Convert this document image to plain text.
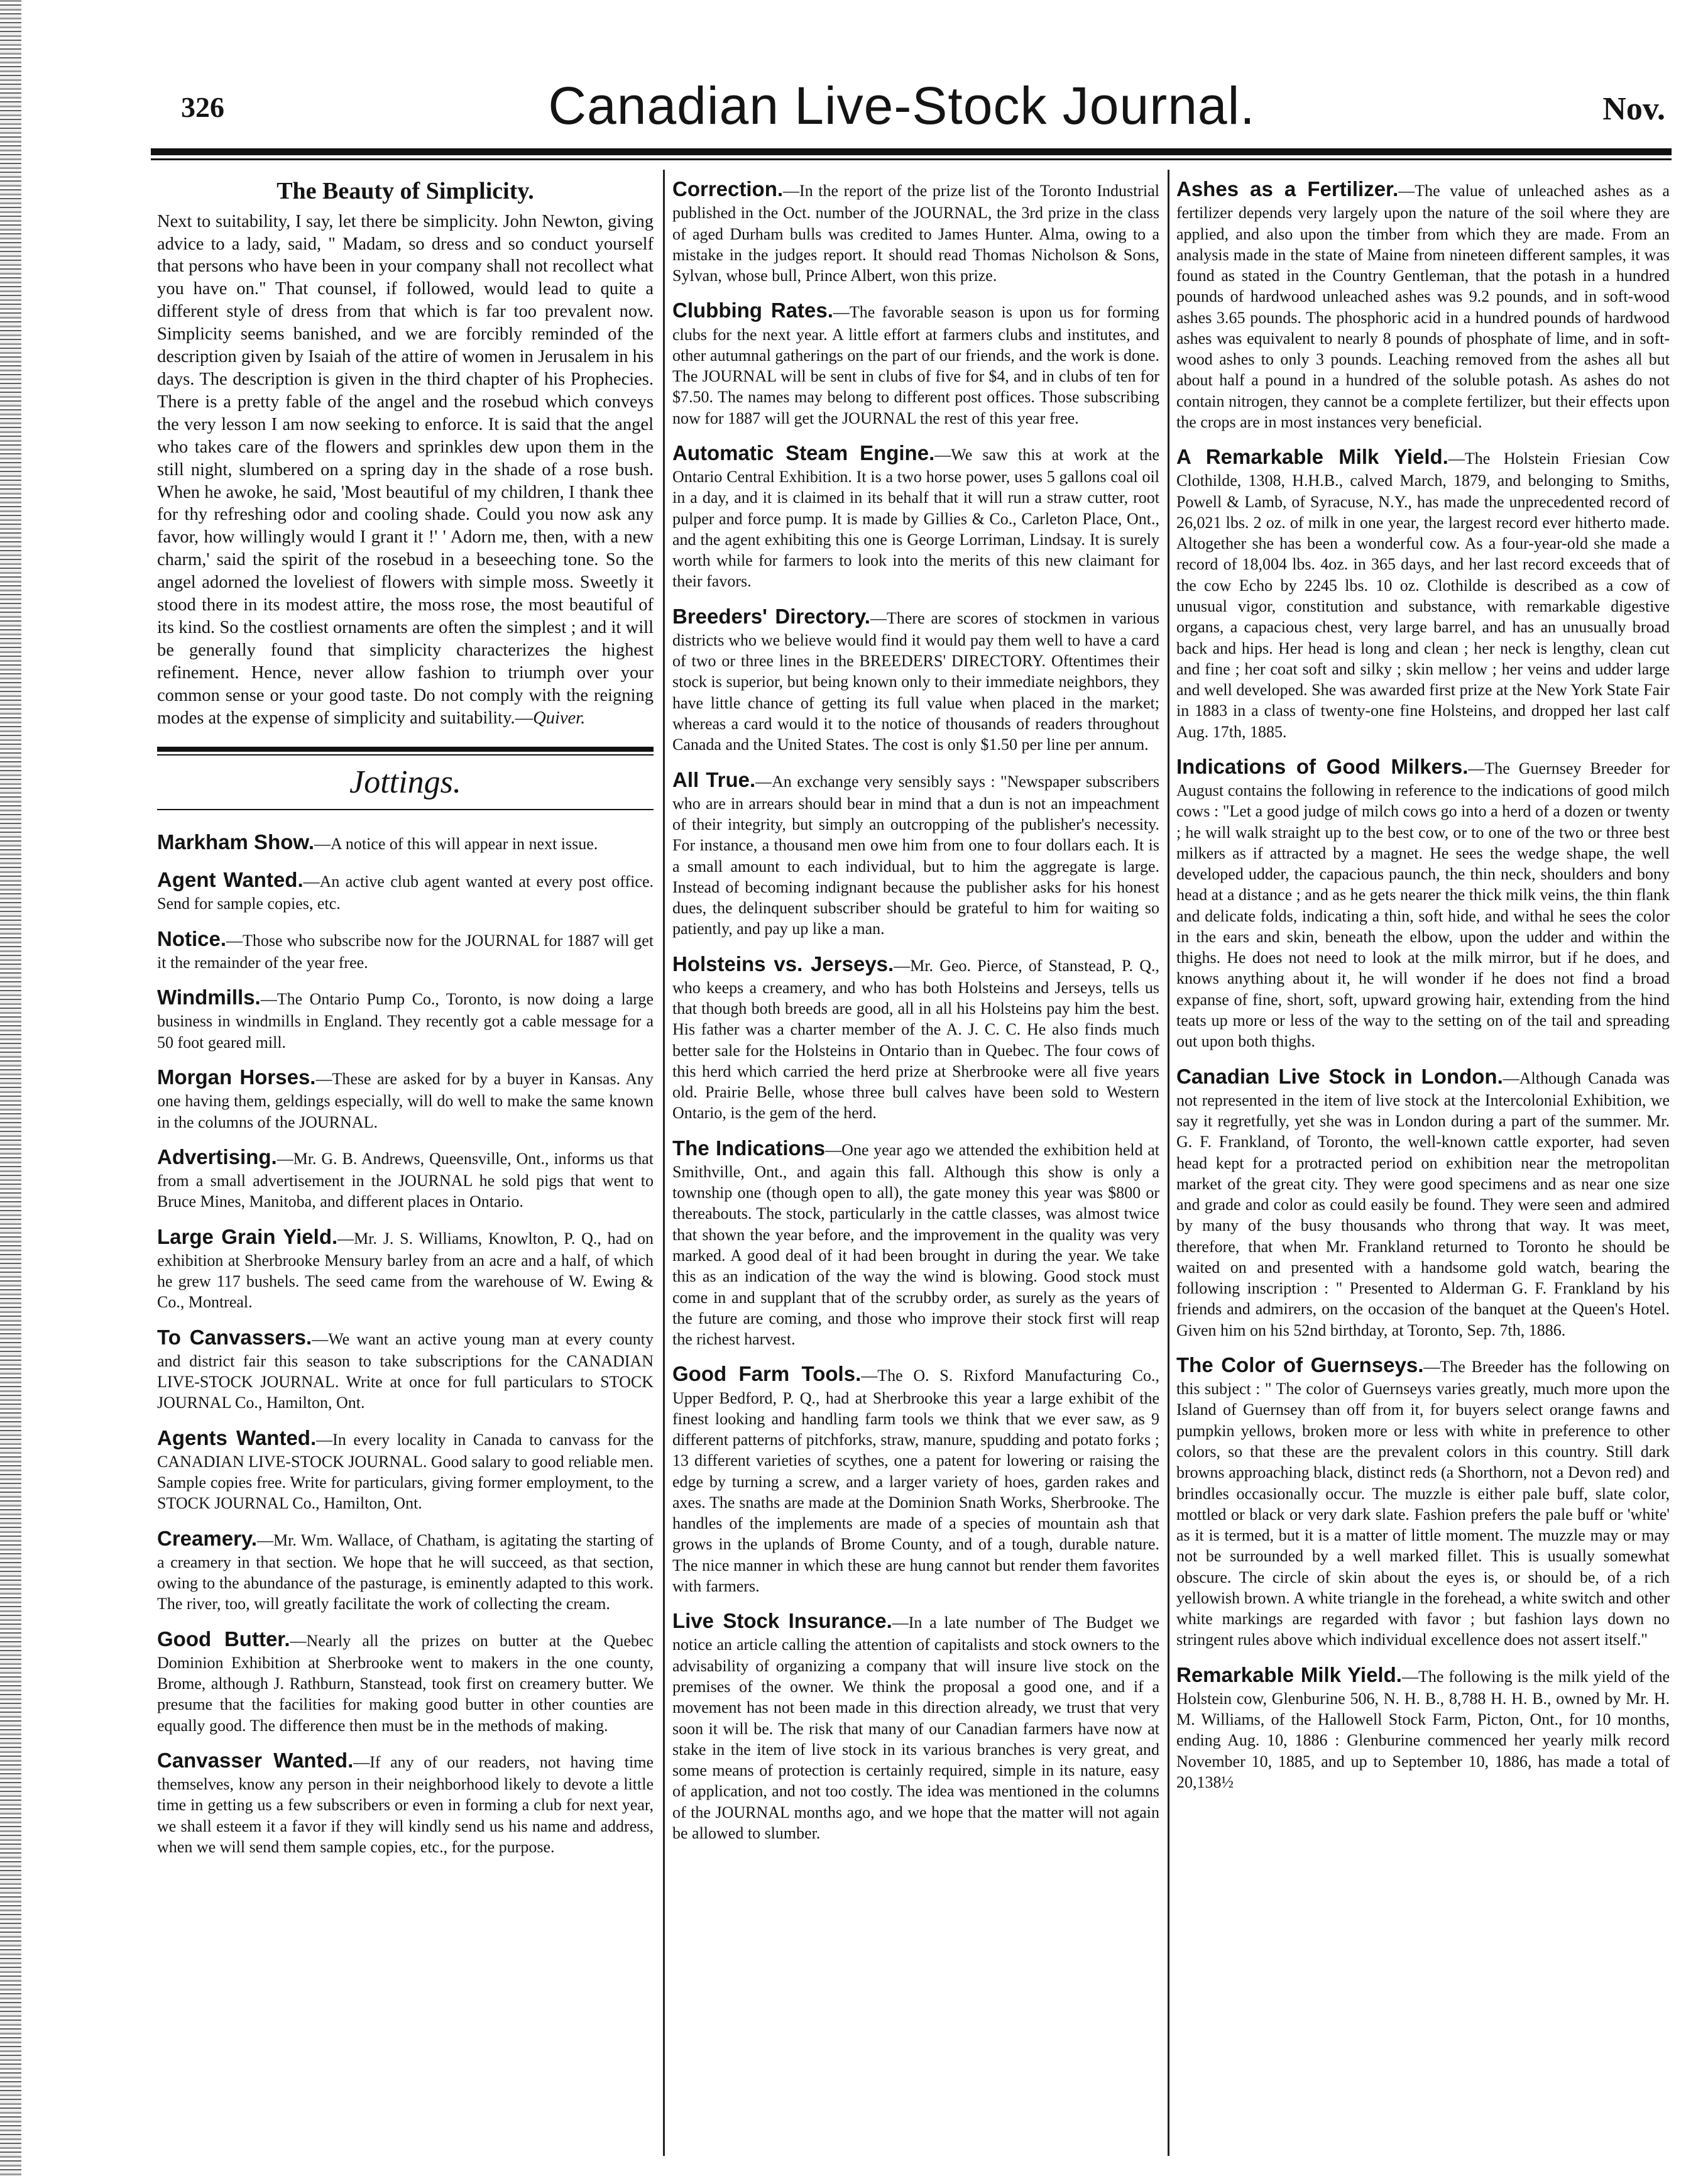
326	Canadian Live-Stock Journal.	Nov.
The Beauty of Simplicity.
Next to suitability, I say, let there be simplicity. John Newton, giving advice to a lady, said, " Madam, so dress and so conduct yourself that persons who have been in your company shall not recollect what you have on." That counsel, if followed, would lead to quite a different style of dress from that which is far too prevalent now. Simplicity seems banished, and we are forcibly reminded of the description given by Isaiah of the attire of women in Jerusalem in his days. The description is given in the third chapter of his Prophecies. There is a pretty fable of the angel and the rosebud which conveys the very lesson I am now seeking to enforce. It is said that the angel who takes care of the flowers and sprinkles dew upon them in the still night, slumbered on a spring day in the shade of a rose bush. When he awoke, he said, 'Most beautiful of my children, I thank thee for thy refreshing odor and cooling shade. Could you now ask any favor, how willingly would I grant it !' ' Adorn me, then, with a new charm,' said the spirit of the rosebud in a beseeching tone. So the angel adorned the loveliest of flowers with simple moss. Sweetly it stood there in its modest attire, the moss rose, the most beautiful of its kind. So the costliest ornaments are often the simplest ; and it will be generally found that simplicity characterizes the highest refinement. Hence, never allow fashion to triumph over your common sense or your good taste. Do not comply with the reigning modes at the expense of simplicity and suitability.—Quiver.
Jottings.

Markham Show.—A notice of this will appear in next issue.

Agent Wanted.—An active club agent wanted at every post office. Send for sample copies, etc.

Notice.—Those who subscribe now for the JOURNAL for 1887 will get it the remainder of the year free.

Windmills.—The Ontario Pump Co., Toronto, is now doing a large business in windmills in England. They recently got a cable message for a 50 foot geared mill.

Morgan Horses.—These are asked for by a buyer in Kansas. Any one having them, geldings especially, will do well to make the same known in the columns of the JOURNAL.

Advertising.—Mr. G. B. Andrews, Queensville, Ont., informs us that from a small advertisement in the JOURNAL he sold pigs that went to Bruce Mines, Manitoba, and different places in Ontario.

Large Grain Yield.—Mr. J. S. Williams, Knowlton, P. Q., had on exhibition at Sherbrooke Mensury barley from an acre and a half, of which he grew 117 bushels. The seed came from the warehouse of W. Ewing & Co., Montreal.

To Canvassers.—We want an active young man at every county and district fair this season to take subscriptions for the CANADIAN LIVE-STOCK JOURNAL. Write at once for full particulars to STOCK JOURNAL Co., Hamilton, Ont.

Agents Wanted.—In every locality in Canada to canvass for the CANADIAN LIVE-STOCK JOURNAL. Good salary to good reliable men. Sample copies free. Write for particulars, giving former employment, to the STOCK JOURNAL Co., Hamilton, Ont.

Creamery.—Mr. Wm. Wallace, of Chatham, is agitating the starting of a creamery in that section. We hope that he will succeed, as that section, owing to the abundance of the pasturage, is eminently adapted to this work. The river, too, will greatly facilitate the work of collecting the cream.

Good Butter.—Nearly all the prizes on butter at the Quebec Dominion Exhibition at Sherbrooke went to makers in the one county, Brome, although J. Rathburn, Stanstead, took first on creamery butter. We presume that the facilities for making good butter in other counties are equally good. The difference then must be in the methods of making.

Canvasser Wanted.—If any of our readers, not having time themselves, know any person in their neighborhood likely to devote a little time in getting us a few subscribers or even in forming a club for next year, we shall esteem it a favor if they will kindly send us his name and address, when we will send them sample copies, etc., for the purpose.

Correction.—In the report of the prize list of the Toronto Industrial published in the Oct. number of the JOURNAL, the 3rd prize in the class of aged Durham bulls was credited to James Hunter. Alma, owing to a mistake in the judges report. It should read Thomas Nicholson & Sons, Sylvan, whose bull, Prince Albert, won this prize.

Clubbing Rates.—The favorable season is upon us for forming clubs for the next year. A little effort at farmers clubs and institutes, and other autumnal gatherings on the part of our friends, and the work is done. The JOURNAL will be sent in clubs of five for $4, and in clubs of ten for $7.50. The names may belong to different post offices. Those subscribing now for 1887 will get the JOURNAL the rest of this year free.

Automatic Steam Engine.—We saw this at work at the Ontario Central Exhibition. It is a two horse power, uses 5 gallons coal oil in a day, and it is claimed in its behalf that it will run a straw cutter, root pulper and force pump. It is made by Gillies & Co., Carleton Place, Ont., and the agent exhibiting this one is George Lorriman, Lindsay. It is surely worth while for farmers to look into the merits of this new claimant for their favors.

Breeders' Directory.—There are scores of stockmen in various districts who we believe would find it would pay them well to have a card of two or three lines in the BREEDERS' DIRECTORY. Oftentimes their stock is superior, but being known only to their immediate neighbors, they have little chance of getting its full value when placed in the market; whereas a card would it to the notice of thousands of readers throughout Canada and the United States. The cost is only $1.50 per line per annum.

All True.—An exchange very sensibly says : "Newspaper subscribers who are in arrears should bear in mind that a dun is not an impeachment of their integrity, but simply an outcropping of the publisher's necessity. For instance, a thousand men owe him from one to four dollars each. It is a small amount to each individual, but to him the aggregate is large. Instead of becoming indignant because the publisher asks for his honest dues, the delinquent subscriber should be grateful to him for waiting so patiently, and pay up like a man.

Holsteins vs. Jerseys.—Mr. Geo. Pierce, of Stanstead, P. Q., who keeps a creamery, and who has both Holsteins and Jerseys, tells us that though both breeds are good, all in all his Holsteins pay him the best. His father was a charter member of the A. J. C. C. He also finds much better sale for the Holsteins in Ontario than in Quebec. The four cows of this herd which carried the herd prize at Sherbrooke were all five years old. Prairie Belle, whose three bull calves have been sold to Western Ontario, is the gem of the herd.

The Indications—One year ago we attended the exhibition held at Smithville, Ont., and again this fall. Although this show is only a township one (though open to all), the gate money this year was $800 or thereabouts. The stock, particularly in the cattle classes, was almost twice that shown the year before, and the improvement in the quality was very marked. A good deal of it had been brought in during the year. We take this as an indication of the way the wind is blowing. Good stock must come in and supplant that of the scrubby order, as surely as the years of the future are coming, and those who improve their stock first will reap the richest harvest.

Good Farm Tools.—The O. S. Rixford Manufacturing Co., Upper Bedford, P. Q., had at Sherbrooke this year a large exhibit of the finest looking and handling farm tools we think that we ever saw, as 9 different patterns of pitchforks, straw, manure, spudding and potato forks ; 13 different varieties of scythes, one a patent for lowering or raising the edge by turning a screw, and a larger variety of hoes, garden rakes and axes. The snaths are made at the Dominion Snath Works, Sherbrooke. The handles of the implements are made of a species of mountain ash that grows in the uplands of Brome County, and of a tough, durable nature. The nice manner in which these are hung cannot but render them favorites with farmers.

Live Stock Insurance.—In a late number of The Budget we notice an article calling the attention of capitalists and stock owners to the advisability of organizing a company that will insure live stock on the premises of the owner. We think the proposal a good one, and if a movement has not been made in this direction already, we trust that very soon it will be. The risk that many of our Canadian farmers have now at stake in the item of live stock in its various branches is very great, and some means of protection is certainly required, simple in its nature, easy of application, and not too costly. The idea was mentioned in the columns of the JOURNAL months ago, and we hope that the matter will not again be allowed to slumber.

Ashes as a Fertilizer.—The value of unleached ashes as a fertilizer depends very largely upon the nature of the soil where they are applied, and also upon the timber from which they are made. From an analysis made in the state of Maine from nineteen different samples, it was found as stated in the Country Gentleman, that the potash in a hundred pounds of hardwood unleached ashes was 9.2 pounds, and in soft-wood ashes 3.65 pounds. The phosphoric acid in a hundred pounds of hardwood ashes was equivalent to nearly 8 pounds of phosphate of lime, and in soft-wood ashes to only 3 pounds. Leaching removed from the ashes all but about half a pound in a hundred of the soluble potash. As ashes do not contain nitrogen, they cannot be a complete fertilizer, but their effects upon the crops are in most instances very beneficial.

A Remarkable Milk Yield.—The Holstein Friesian Cow Clothilde, 1308, H.H.B., calved March, 1879, and belonging to Smiths, Powell & Lamb, of Syracuse, N.Y., has made the unprecedented record of 26,021 lbs. 2 oz. of milk in one year, the largest record ever hitherto made. Altogether she has been a wonderful cow. As a four-year-old she made a record of 18,004 lbs. 4oz. in 365 days, and her last record exceeds that of the cow Echo by 2245 lbs. 10 oz. Clothilde is described as a cow of unusual vigor, constitution and substance, with remarkable digestive organs, a capacious chest, very large barrel, and has an unusually broad back and hips. Her head is long and clean ; her neck is lengthy, clean cut and fine ; her coat soft and silky ; skin mellow ; her veins and udder large and well developed. She was awarded first prize at the New York State Fair in 1883 in a class of twenty-one fine Holsteins, and dropped her last calf Aug. 17th, 1885.

Indications of Good Milkers.—The Guernsey Breeder for August contains the following in reference to the indications of good milch cows : "Let a good judge of milch cows go into a herd of a dozen or twenty ; he will walk straight up to the best cow, or to one of the two or three best milkers as if attracted by a magnet. He sees the wedge shape, the well developed udder, the capacious paunch, the thin neck, shoulders and bony head at a distance ; and as he gets nearer the thick milk veins, the thin flank and delicate folds, indicating a thin, soft hide, and withal he sees the color in the ears and skin, beneath the elbow, upon the udder and within the thighs. He does not need to look at the milk mirror, but if he does, and knows anything about it, he will wonder if he does not find a broad expanse of fine, short, soft, upward growing hair, extending from the hind teats up more or less of the way to the setting on of the tail and spreading out upon both thighs.

Canadian Live Stock in London.—Although Canada was not represented in the item of live stock at the Intercolonial Exhibition, we say it regretfully, yet she was in London during a part of the summer. Mr. G. F. Frankland, of Toronto, the well-known cattle exporter, had seven head kept for a protracted period on exhibition near the metropolitan market of the great city. They were good specimens and as near one size and grade and color as could easily be found. They were seen and admired by many of the busy thousands who throng that way. It was meet, therefore, that when Mr. Frankland returned to Toronto he should be waited on and presented with a handsome gold watch, bearing the following inscription : " Presented to Alderman G. F. Frankland by his friends and admirers, on the occasion of the banquet at the Queen's Hotel. Given him on his 52nd birthday, at Toronto, Sep. 7th, 1886.

The Color of Guernseys.—The Breeder has the following on this subject : " The color of Guernseys varies greatly, much more upon the Island of Guernsey than off from it, for buyers select orange fawns and pumpkin yellows, broken more or less with white in preference to other colors, so that these are the prevalent colors in this country. Still dark browns approaching black, distinct reds (a Shorthorn, not a Devon red) and brindles occasionally occur. The muzzle is either pale buff, slate color, mottled or black or very dark slate. Fashion prefers the pale buff or 'white' as it is termed, but it is a matter of little moment. The muzzle may or may not be surrounded by a well marked fillet. This is usually somewhat obscure. The circle of skin about the eyes is, or should be, of a rich yellowish brown. A white triangle in the forehead, a white switch and other white markings are regarded with favor ; but fashion lays down no stringent rules above which individual excellence does not assert itself."

Remarkable Milk Yield.—The following is the milk yield of the Holstein cow, Glenburine 506, N. H. B., 8,788 H. H. B., owned by Mr. H. M. Williams, of the Hallowell Stock Farm, Picton, Ont., for 10 months, ending Aug. 10, 1886 : Glenburine commenced her yearly milk record November 10, 1885, and up to September 10, 1886, has made a total of 20,138½
